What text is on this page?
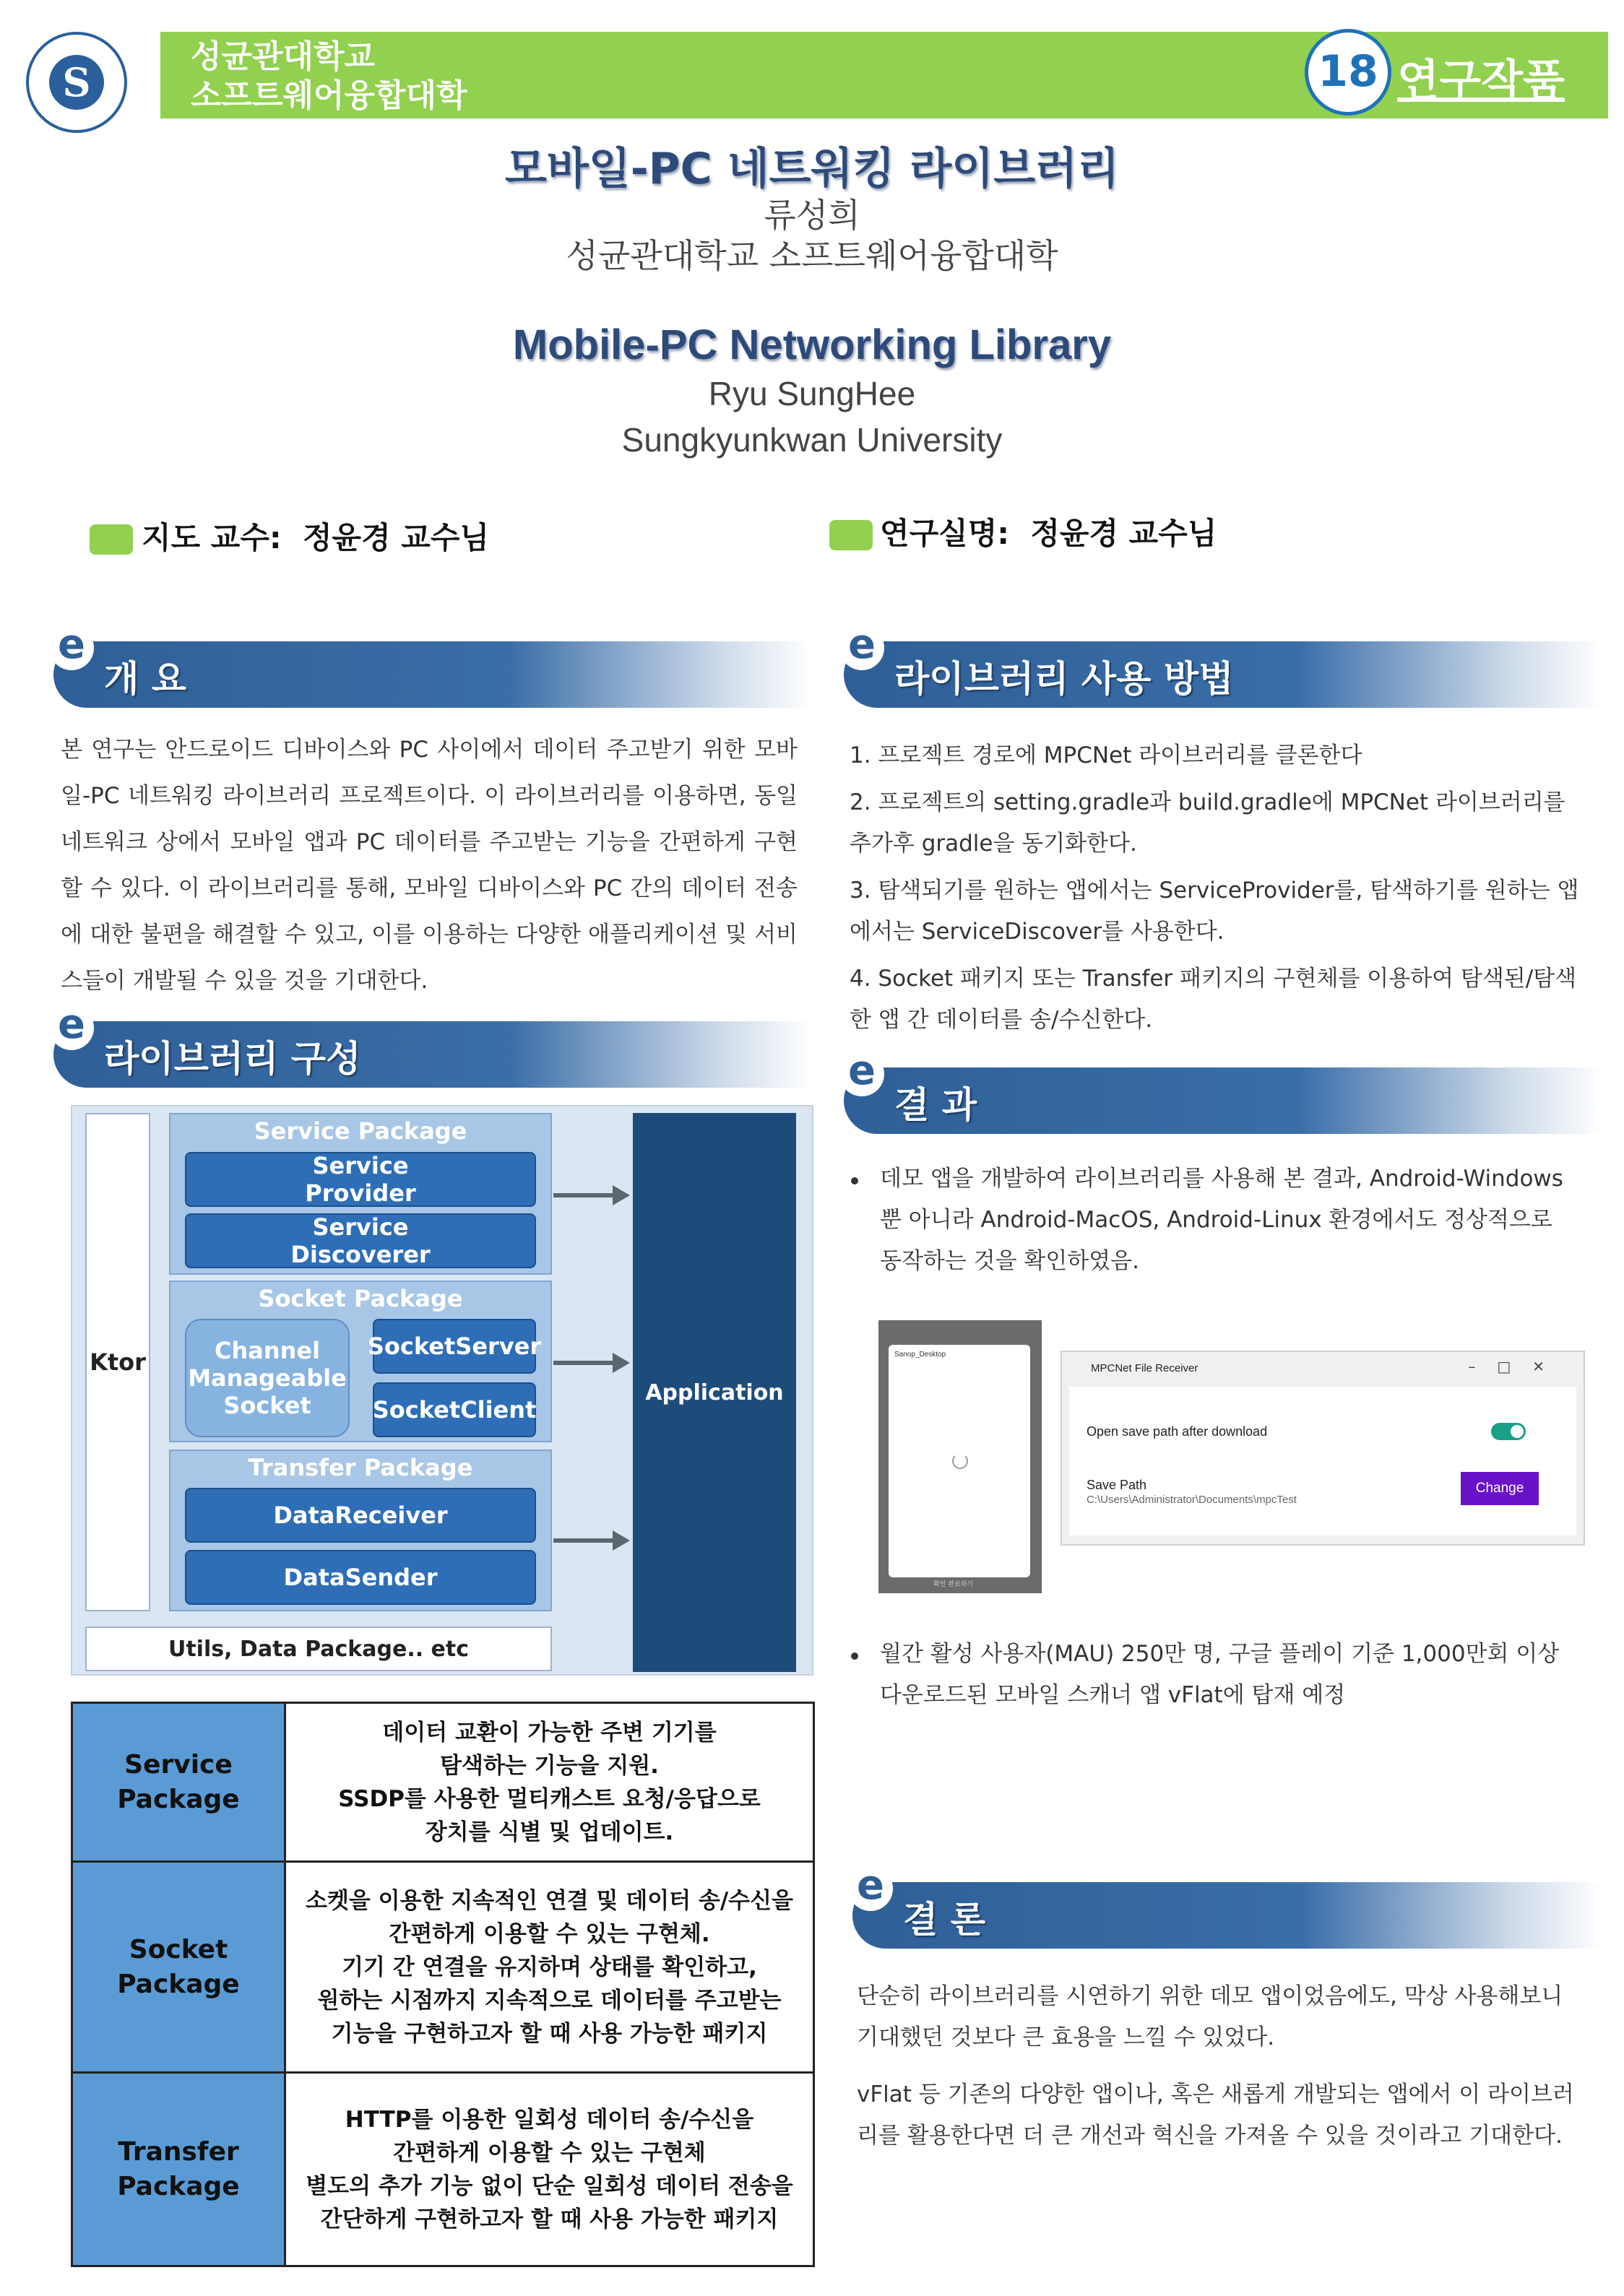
S
성균관대학교
소프트웨어융합대학	18 연구작품
모바일-PC 네트워킹 라이브러리
류성희
성균관대학교 소프트웨어융합대학
Mobile-PC Networking Library
Ryu SungHee
Sungkyunkwan University
지도 교수: 정윤경 교수님	연구실명: 정윤경 교수님
e
개 요
본 연구는 안드로이드 디바이스와 PC 사이에서 데이터 주고받기 위한 모바일-PC 네트워킹 라이브러리 프로젝트이다. 이 라이브러리를 이용하면, 동일 네트워크 상에서 모바일 앱과 PC 데이터를 주고받는 기능을 간편하게 구현할 수 있다. 이 라이브러리를 통해, 모바일 디바이스와 PC 간의 데이터 전송에 대한 불편을 해결할 수 있고, 이를 이용하는 다양한 애플리케이션 및 서비스들이 개발될 수 있을 것을 기대한다.
e
라이브러리 구성
Ktor
Service Package
Service
Provider
Service
Discoverer
Socket Package
Channel
Manageable
Socket
SocketServer
SocketClient
Transfer Package
DataReceiver
DataSender
Application
Utils, Data Package.. etc
Service
Package	데이터 교환이 가능한 주변 기기를
탐색하는 기능을 지원.
SSDP를 사용한 멀티캐스트 요청/응답으로
장치를 식별 및 업데이트.
Socket
Package	소켓을 이용한 지속적인 연결 및 데이터 송/수신을
간편하게 이용할 수 있는 구현체.
기기 간 연결을 유지하며 상태를 확인하고,
원하는 시점까지 지속적으로 데이터를 주고받는
기능을 구현하고자 할 때 사용 가능한 패키지
Transfer
Package	HTTP를 이용한 일회성 데이터 송/수신을
간편하게 이용할 수 있는 구현체
별도의 추가 기능 없이 단순 일회성 데이터 전송을
간단하게 구현하고자 할 때 사용 가능한 패키지
e
라이브러리 사용 방법
1. 프로젝트 경로에 MPCNet 라이브러리를 클론한다
2. 프로젝트의 setting.gradle과 build.gradle에 MPCNet 라이브러리를 추가후 gradle을 동기화한다.
3. 탐색되기를 원하는 앱에서는 ServiceProvider를, 탐색하기를 원하는 앱에서는 ServiceDiscover를 사용한다.
4. Socket 패키지 또는 Transfer 패키지의 구현체를 이용하여 탐색된/탐색한 앱 간 데이터를 송/수신한다.
e
결 과
데모 앱을 개발하여 라이브러리를 사용해 본 결과, Android-Windows뿐 아니라 Android-MacOS, Android-Linux 환경에서도 정상적으로 동작하는 것을 확인하였음.
Sanop_Desktop
확인 완료하기
MPCNet File Receiver	–□✕
Open save path after download
Save Path
C:\Users\Administrator\Documents\mpcTest
Change
월간 활성 사용자(MAU) 250만 명, 구글 플레이 기준 1,000만회 이상 다운로드된 모바일 스캐너 앱 vFlat에 탑재 예정
e
결 론
단순히 라이브러리를 시연하기 위한 데모 앱이었음에도, 막상 사용해보니 기대했던 것보다 큰 효용을 느낄 수 있었다.
vFlat 등 기존의 다양한 앱이나, 혹은 새롭게 개발되는 앱에서 이 라이브러리를 활용한다면 더 큰 개선과 혁신을 가져올 수 있을 것이라고 기대한다.
